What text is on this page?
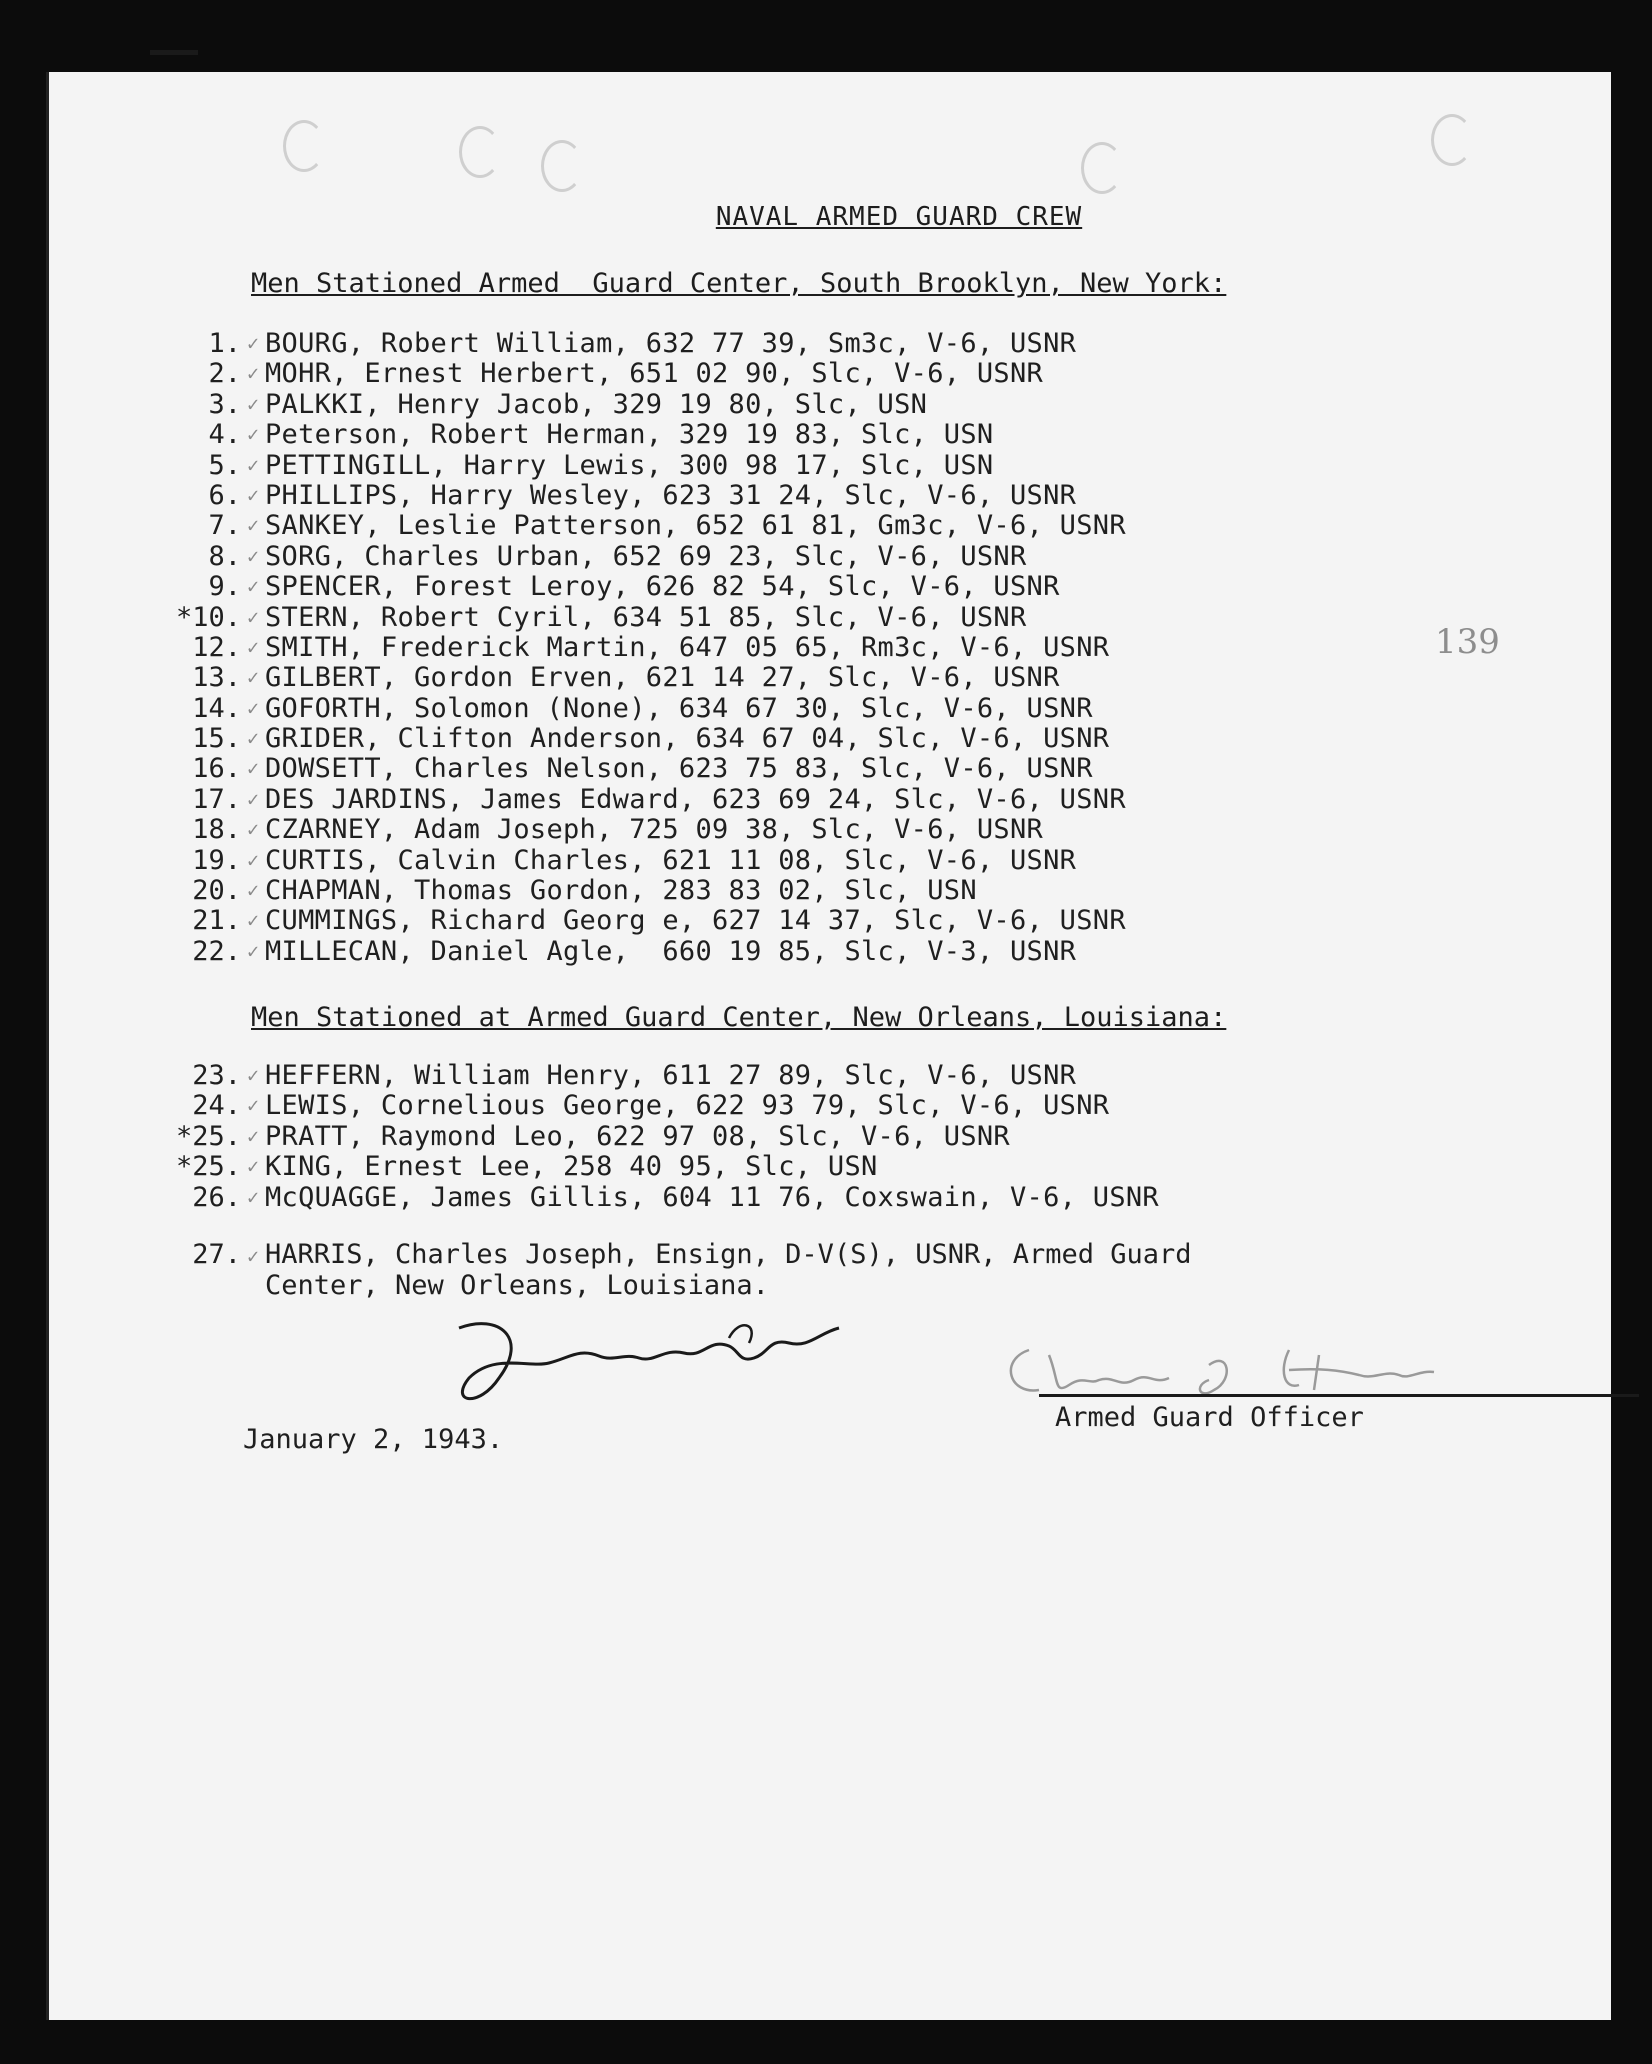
NAVAL ARMED GUARD CREW
139
Men Stationed Armed  Guard Center, South Brooklyn, New York:
1. ✓ BOURG, Robert William, 632 77 39, Sm3c, V-6, USNR
2. ✓ MOHR, Ernest Herbert, 651 02 90, Slc, V-6, USNR
3. ✓ PALKKI, Henry Jacob, 329 19 80, Slc, USN
4. ✓ Peterson, Robert Herman, 329 19 83, Slc, USN
5. ✓ PETTINGILL, Harry Lewis, 300 98 17, Slc, USN
6. ✓ PHILLIPS, Harry Wesley, 623 31 24, Slc, V-6, USNR
7. ✓ SANKEY, Leslie Patterson, 652 61 81, Gm3c, V-6, USNR
8. ✓ SORG, Charles Urban, 652 69 23, Slc, V-6, USNR
9. ✓ SPENCER, Forest Leroy, 626 82 54, Slc, V-6, USNR
*10. ✓ STERN, Robert Cyril, 634 51 85, Slc, V-6, USNR
12. ✓ SMITH, Frederick Martin, 647 05 65, Rm3c, V-6, USNR
13. ✓ GILBERT, Gordon Erven, 621 14 27, Slc, V-6, USNR
14. ✓ GOFORTH, Solomon (None), 634 67 30, Slc, V-6, USNR
15. ✓ GRIDER, Clifton Anderson, 634 67 04, Slc, V-6, USNR
16. ✓ DOWSETT, Charles Nelson, 623 75 83, Slc, V-6, USNR
17. ✓ DES JARDINS, James Edward, 623 69 24, Slc, V-6, USNR
18. ✓ CZARNEY, Adam Joseph, 725 09 38, Slc, V-6, USNR
19. ✓ CURTIS, Calvin Charles, 621 11 08, Slc, V-6, USNR
20. ✓ CHAPMAN, Thomas Gordon, 283 83 02, Slc, USN
21. ✓ CUMMINGS, Richard Georg e, 627 14 37, Slc, V-6, USNR
22. ✓ MILLECAN, Daniel Agle,  660 19 85, Slc, V-3, USNR
Men Stationed at Armed Guard Center, New Orleans, Louisiana:
23. ✓ HEFFERN, William Henry, 611 27 89, Slc, V-6, USNR
24. ✓ LEWIS, Cornelious George, 622 93 79, Slc, V-6, USNR
*25. ✓ PRATT, Raymond Leo, 622 97 08, Slc, V-6, USNR
*25. ✓ KING, Ernest Lee, 258 40 95, Slc, USN
26. ✓ McQUAGGE, James Gillis, 604 11 76, Coxswain, V-6, USNR
27. ✓ HARRIS, Charles Joseph, Ensign, D-V(S), USNR, Armed Guard
Center, New Orleans, Louisiana.
Armed Guard Officer
January 2, 1943.
